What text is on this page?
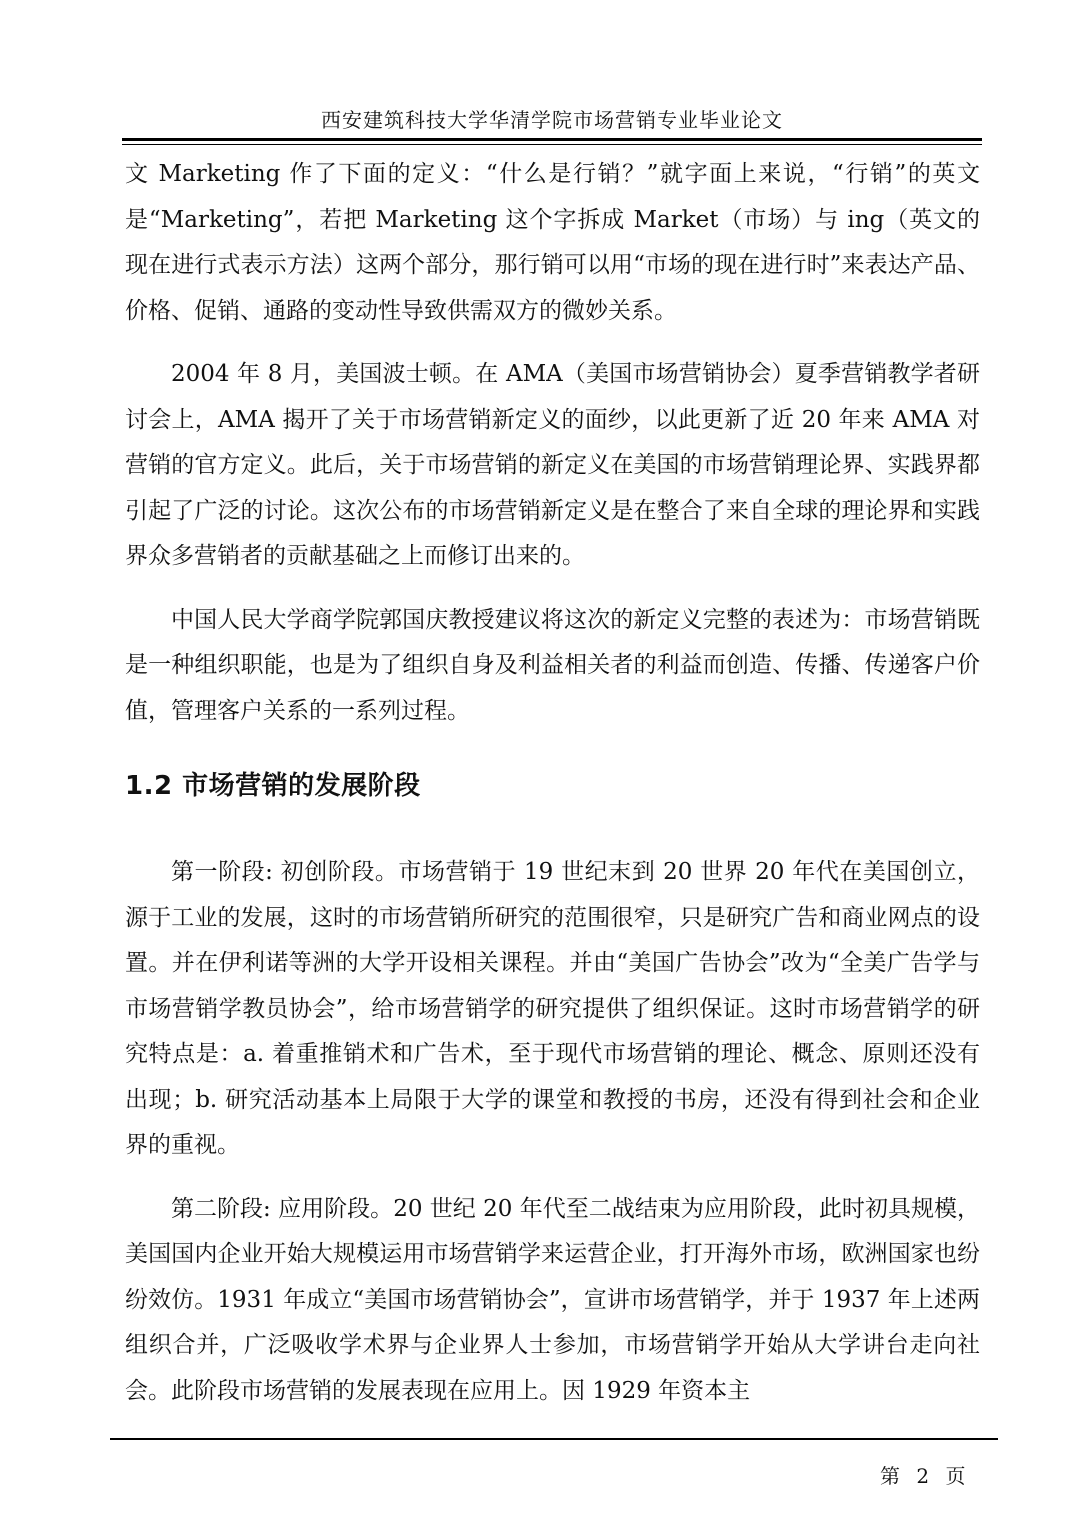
西安建筑科技大学华清学院市场营销专业毕业论文

文 Marketing 作了下面的定义：“什么是行销？”就字面上来说，“行销”的英文是“Marketing”，若把 Marketing 这个字拆成 Market（市场）与 ing（英文的现在进行式表示方法）这两个部分，那行销可以用“市场的现在进行时”来表达产品、价格、促销、通路的变动性导致供需双方的微妙关系。

2004 年 8 月，美国波士顿。在 AMA（美国市场营销协会）夏季营销教学者研讨会上，AMA 揭开了关于市场营销新定义的面纱，以此更新了近 20 年来 AMA 对营销的官方定义。此后，关于市场营销的新定义在美国的市场营销理论界、实践界都引起了广泛的讨论。这次公布的市场营销新定义是在整合了来自全球的理论界和实践界众多营销者的贡献基础之上而修订出来的。

中国人民大学商学院郭国庆教授建议将这次的新定义完整的表述为：市场营销既是一种组织职能，也是为了组织自身及利益相关者的利益而创造、传播、传递客户价值，管理客户关系的一系列过程。

1.2 市场营销的发展阶段

第一阶段: 初创阶段。市场营销于 19 世纪末到 20 世界 20 年代在美国创立，源于工业的发展，这时的市场营销所研究的范围很窄，只是研究广告和商业网点的设置。并在伊利诺等洲的大学开设相关课程。并由“美国广告协会”改为“全美广告学与市场营销学教员协会”，给市场营销学的研究提供了组织保证。这时市场营销学的研究特点是：a. 着重推销术和广告术，至于现代市场营销的理论、概念、原则还没有出现；b. 研究活动基本上局限于大学的课堂和教授的书房，还没有得到社会和企业界的重视。

第二阶段: 应用阶段。20 世纪 20 年代至二战结束为应用阶段，此时初具规模，美国国内企业开始大规模运用市场营销学来运营企业，打开海外市场，欧洲国家也纷纷效仿。1931 年成立“美国市场营销协会”，宣讲市场营销学，并于 1937 年上述两组织合并，广泛吸收学术界与企业界人士参加，市场营销学开始从大学讲台走向社会。此阶段市场营销的发展表现在应用上。因 1929 年资本主

第 2 页
